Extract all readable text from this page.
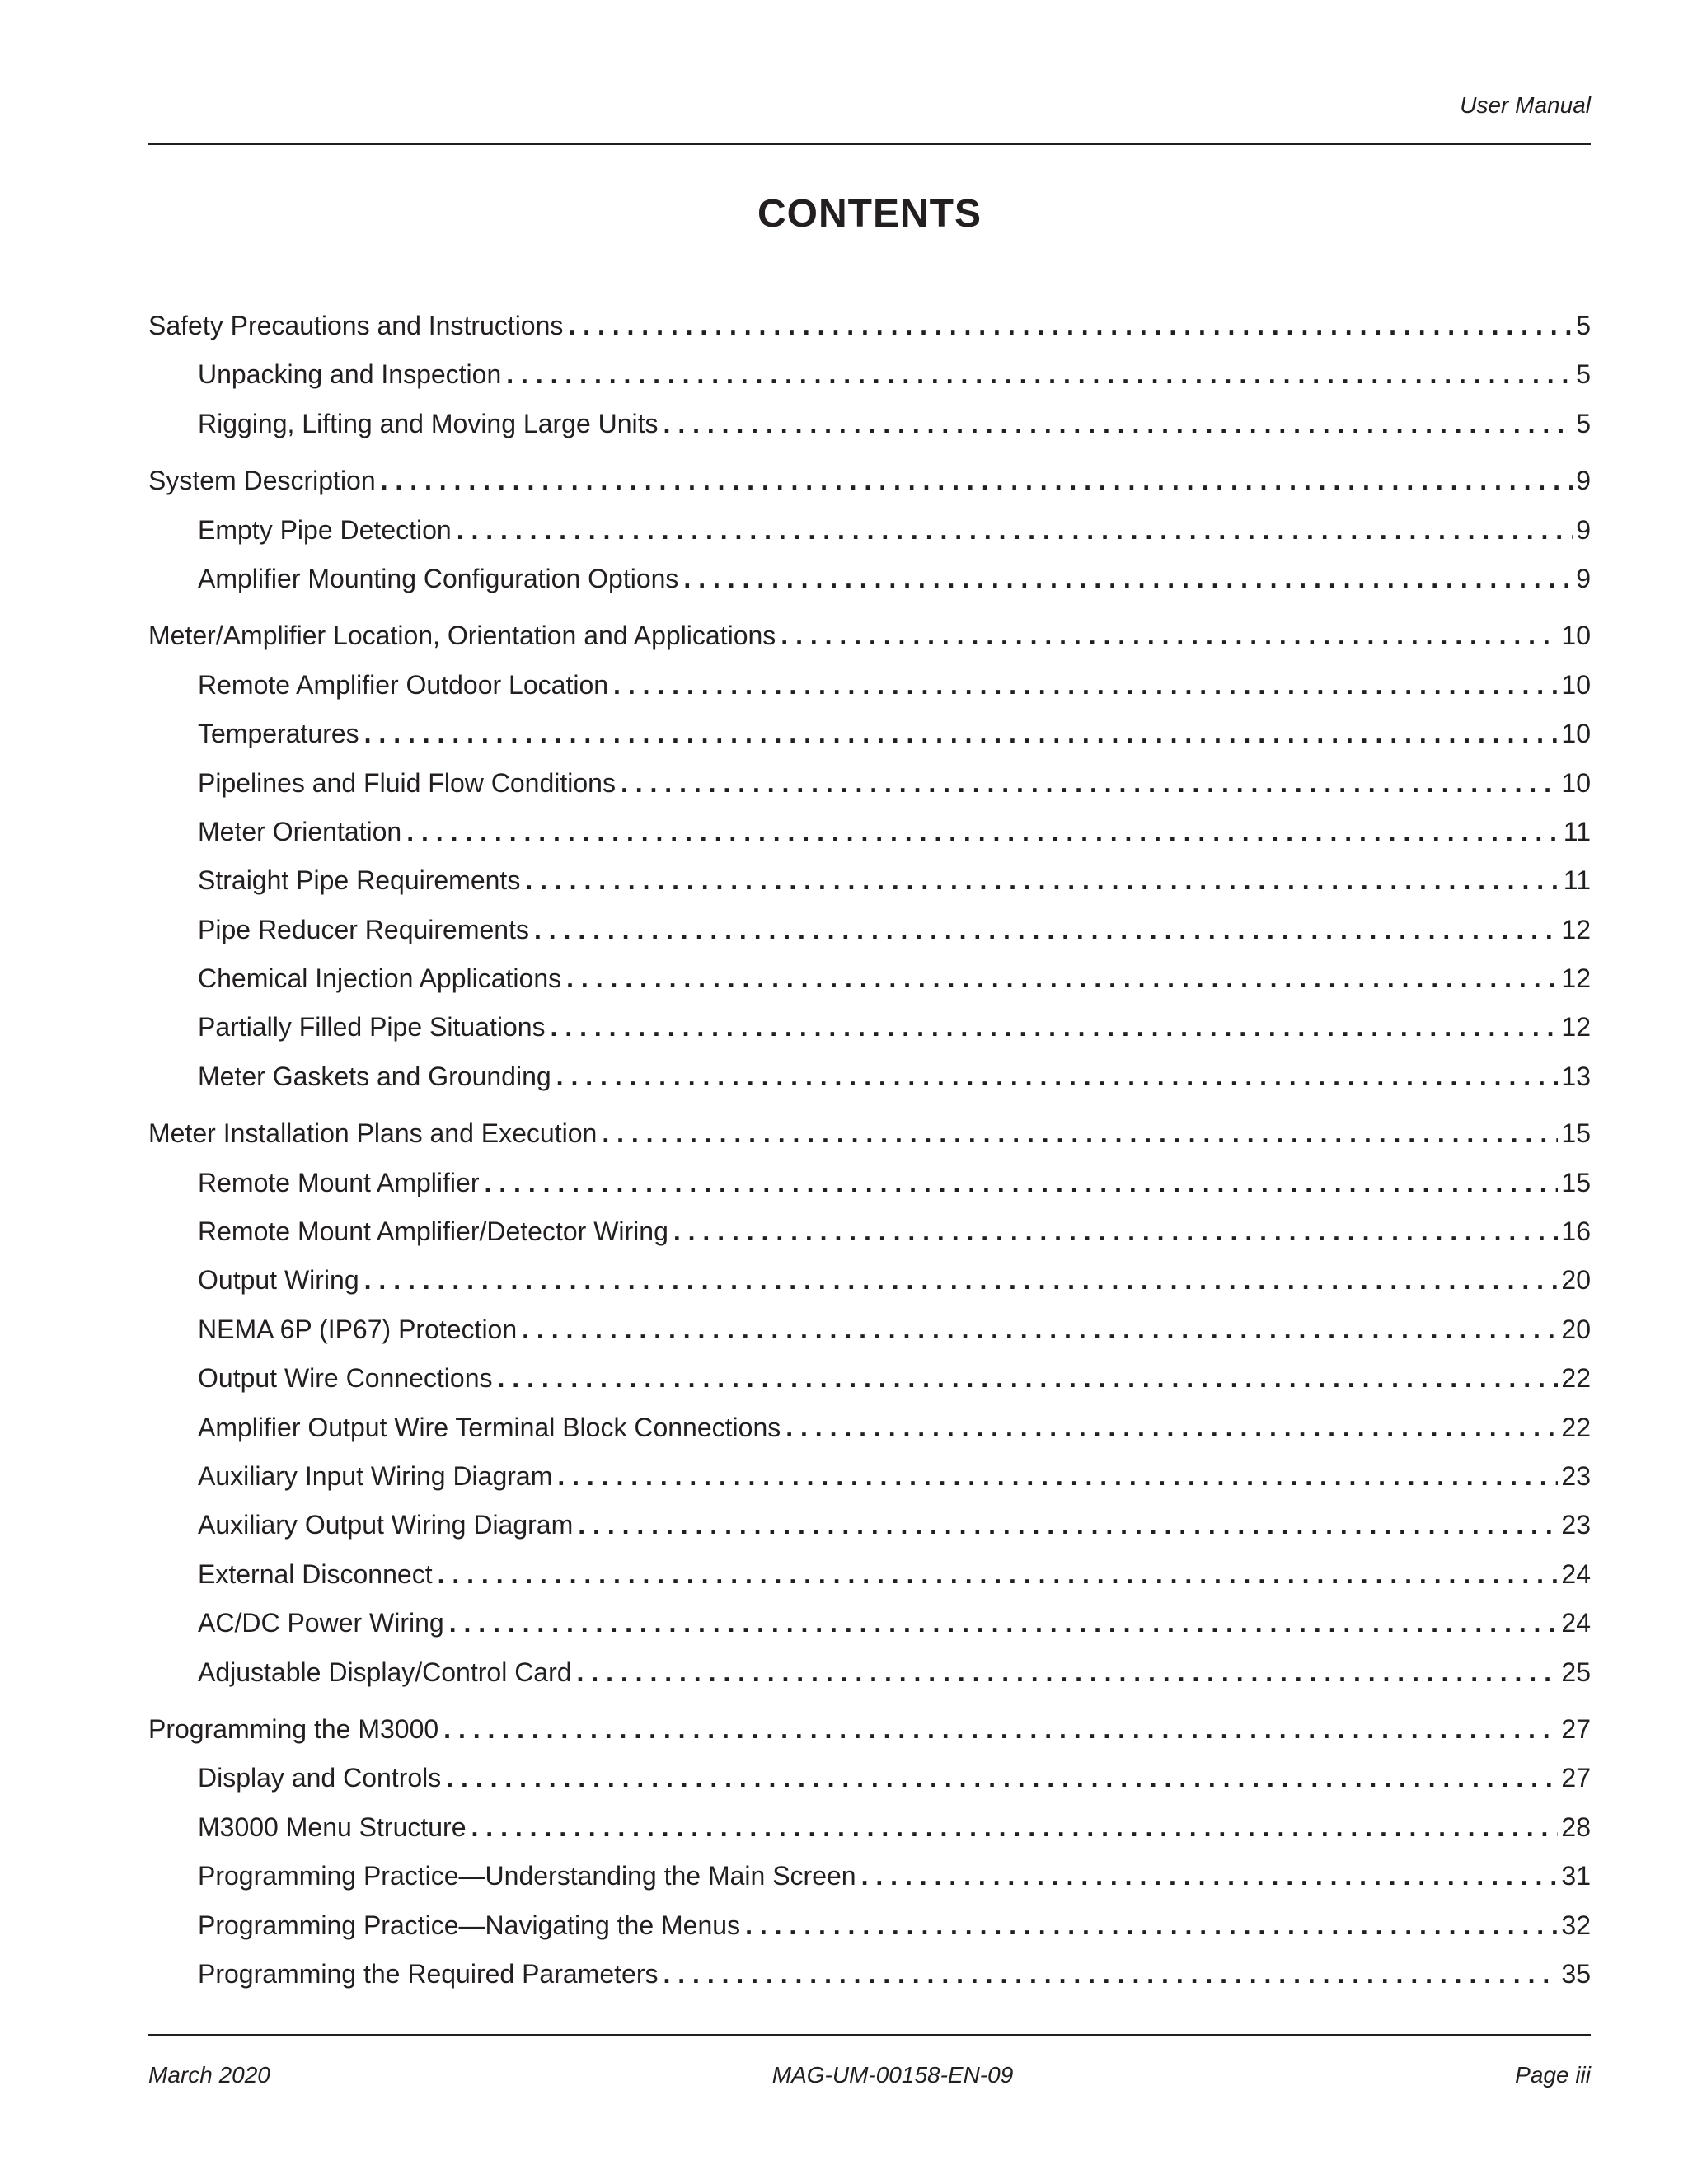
User Manual
CONTENTS
Safety Precautions and Instructions . . .	5
Unpacking and Inspection . . .	5
Rigging, Lifting and Moving Large Units . . .	5
System Description . . .	9
Empty Pipe Detection . . .	9
Amplifier Mounting Configuration Options . . .	9
Meter/Amplifier Location, Orientation and Applications . . .	10
Remote Amplifier Outdoor Location . . .	10
Temperatures . . .	10
Pipelines and Fluid Flow Conditions . . .	10
Meter Orientation . . .	11
Straight Pipe Requirements . . .	11
Pipe Reducer Requirements . . .	12
Chemical Injection Applications . . .	12
Partially Filled Pipe Situations . . .	12
Meter Gaskets and Grounding . . .	13
Meter Installation Plans and Execution . . .	15
Remote Mount Amplifier . . .	15
Remote Mount Amplifier/Detector Wiring . . .	16
Output Wiring . . .	20
NEMA 6P (IP67) Protection . . .	20
Output Wire Connections . . .	22
Amplifier Output Wire Terminal Block Connections . . .	22
Auxiliary Input Wiring Diagram . . .	23
Auxiliary Output Wiring Diagram . . .	23
External Disconnect . . .	24
AC/DC Power Wiring . . .	24
Adjustable Display/Control Card . . .	25
Programming the M3000 . . .	27
Display and Controls . . .	27
M3000 Menu Structure . . .	28
Programming Practice—Understanding the Main Screen . . .	31
Programming Practice—Navigating the Menus . . .	32
Programming the Required Parameters . . .	35
March 2020	MAG-UM-00158-EN-09	Page iii
